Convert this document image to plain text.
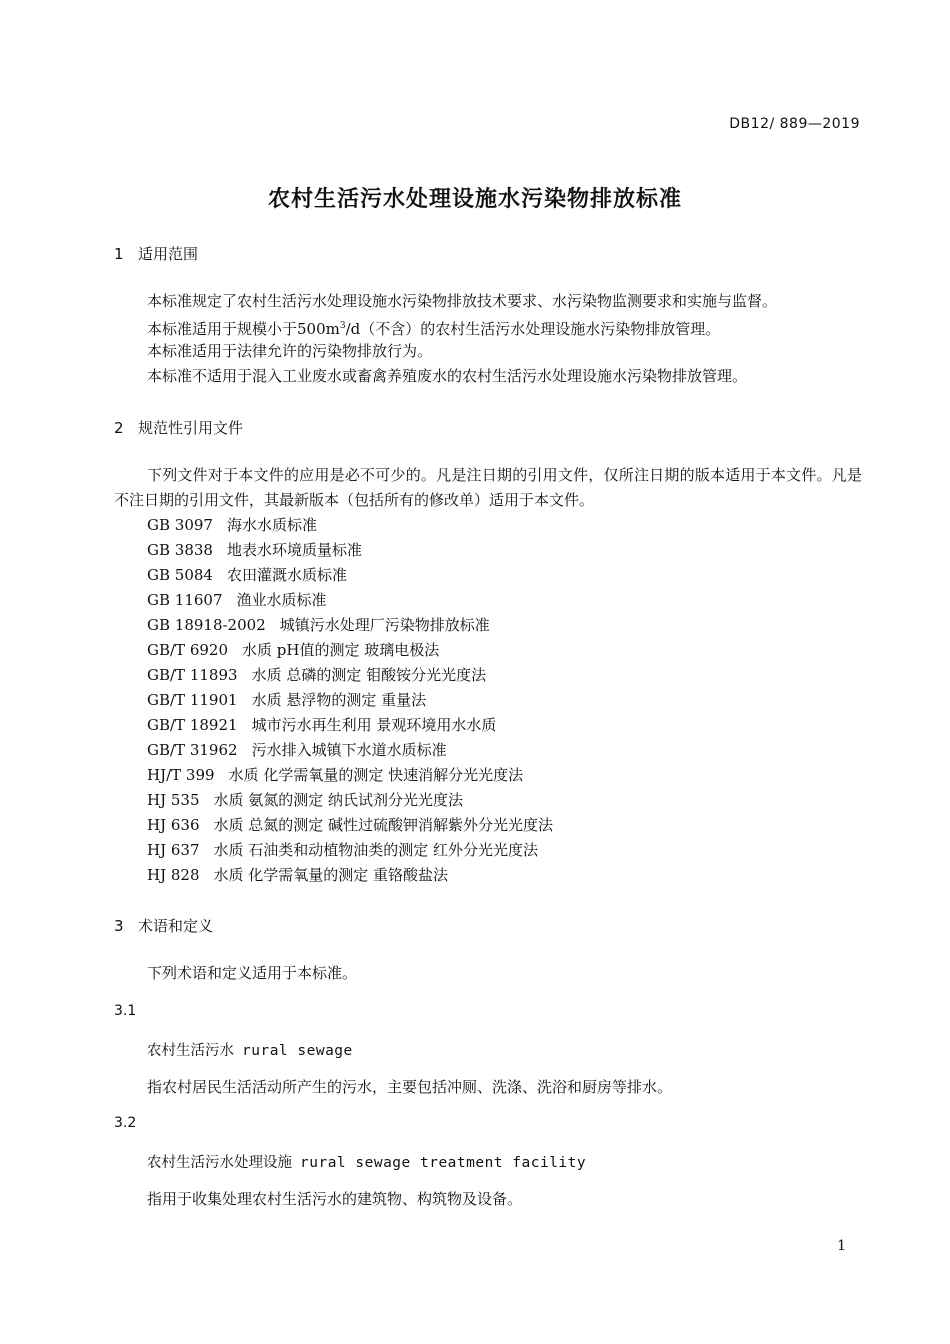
DB12/ 889—2019
农村生活污水处理设施水污染物排放标准
1 适用范围
本标准规定了农村生活污水处理设施水污染物排放技术要求、水污染物监测要求和实施与监督。
本标准适用于规模小于$500m^3/d$（不含）的农村生活污水处理设施水污染物排放管理。
本标准适用于法律允许的污染物排放行为。
本标准不适用于混入工业废水或畜禽养殖废水的农村生活污水处理设施水污染物排放管理。
2 规范性引用文件
下列文件对于本文件的应用是必不可少的。凡是注日期的引用文件，仅所注日期的版本适用于本文件。凡是不注日期的引用文件，其最新版本（包括所有的修改单）适用于本文件。
GB 3097 海水水质标准
GB 3838 地表水环境质量标准
GB 5084 农田灌溉水质标准
GB 11607 渔业水质标准
GB 18918-2002 城镇污水处理厂污染物排放标准
GB/T 6920 水质 pH值的测定 玻璃电极法
GB/T 11893 水质 总磷的测定 钼酸铵分光光度法
GB/T 11901 水质 悬浮物的测定 重量法
GB/T 18921 城市污水再生利用 景观环境用水水质
GB/T 31962 污水排入城镇下水道水质标准
HJ/T 399 水质 化学需氧量的测定 快速消解分光光度法
HJ 535 水质 氨氮的测定 纳氏试剂分光光度法
HJ 636 水质 总氮的测定 碱性过硫酸钾消解紫外分光光度法
HJ 637 水质 石油类和动植物油类的测定 红外分光光度法
HJ 828 水质 化学需氧量的测定 重铬酸盐法
3 术语和定义
下列术语和定义适用于本标准。
3.1
农村生活污水 rural sewage
指农村居民生活活动所产生的污水，主要包括冲厕、洗涤、洗浴和厨房等排水。
3.2
农村生活污水处理设施 rural sewage treatment facility
指用于收集处理农村生活污水的建筑物、构筑物及设备。
1
